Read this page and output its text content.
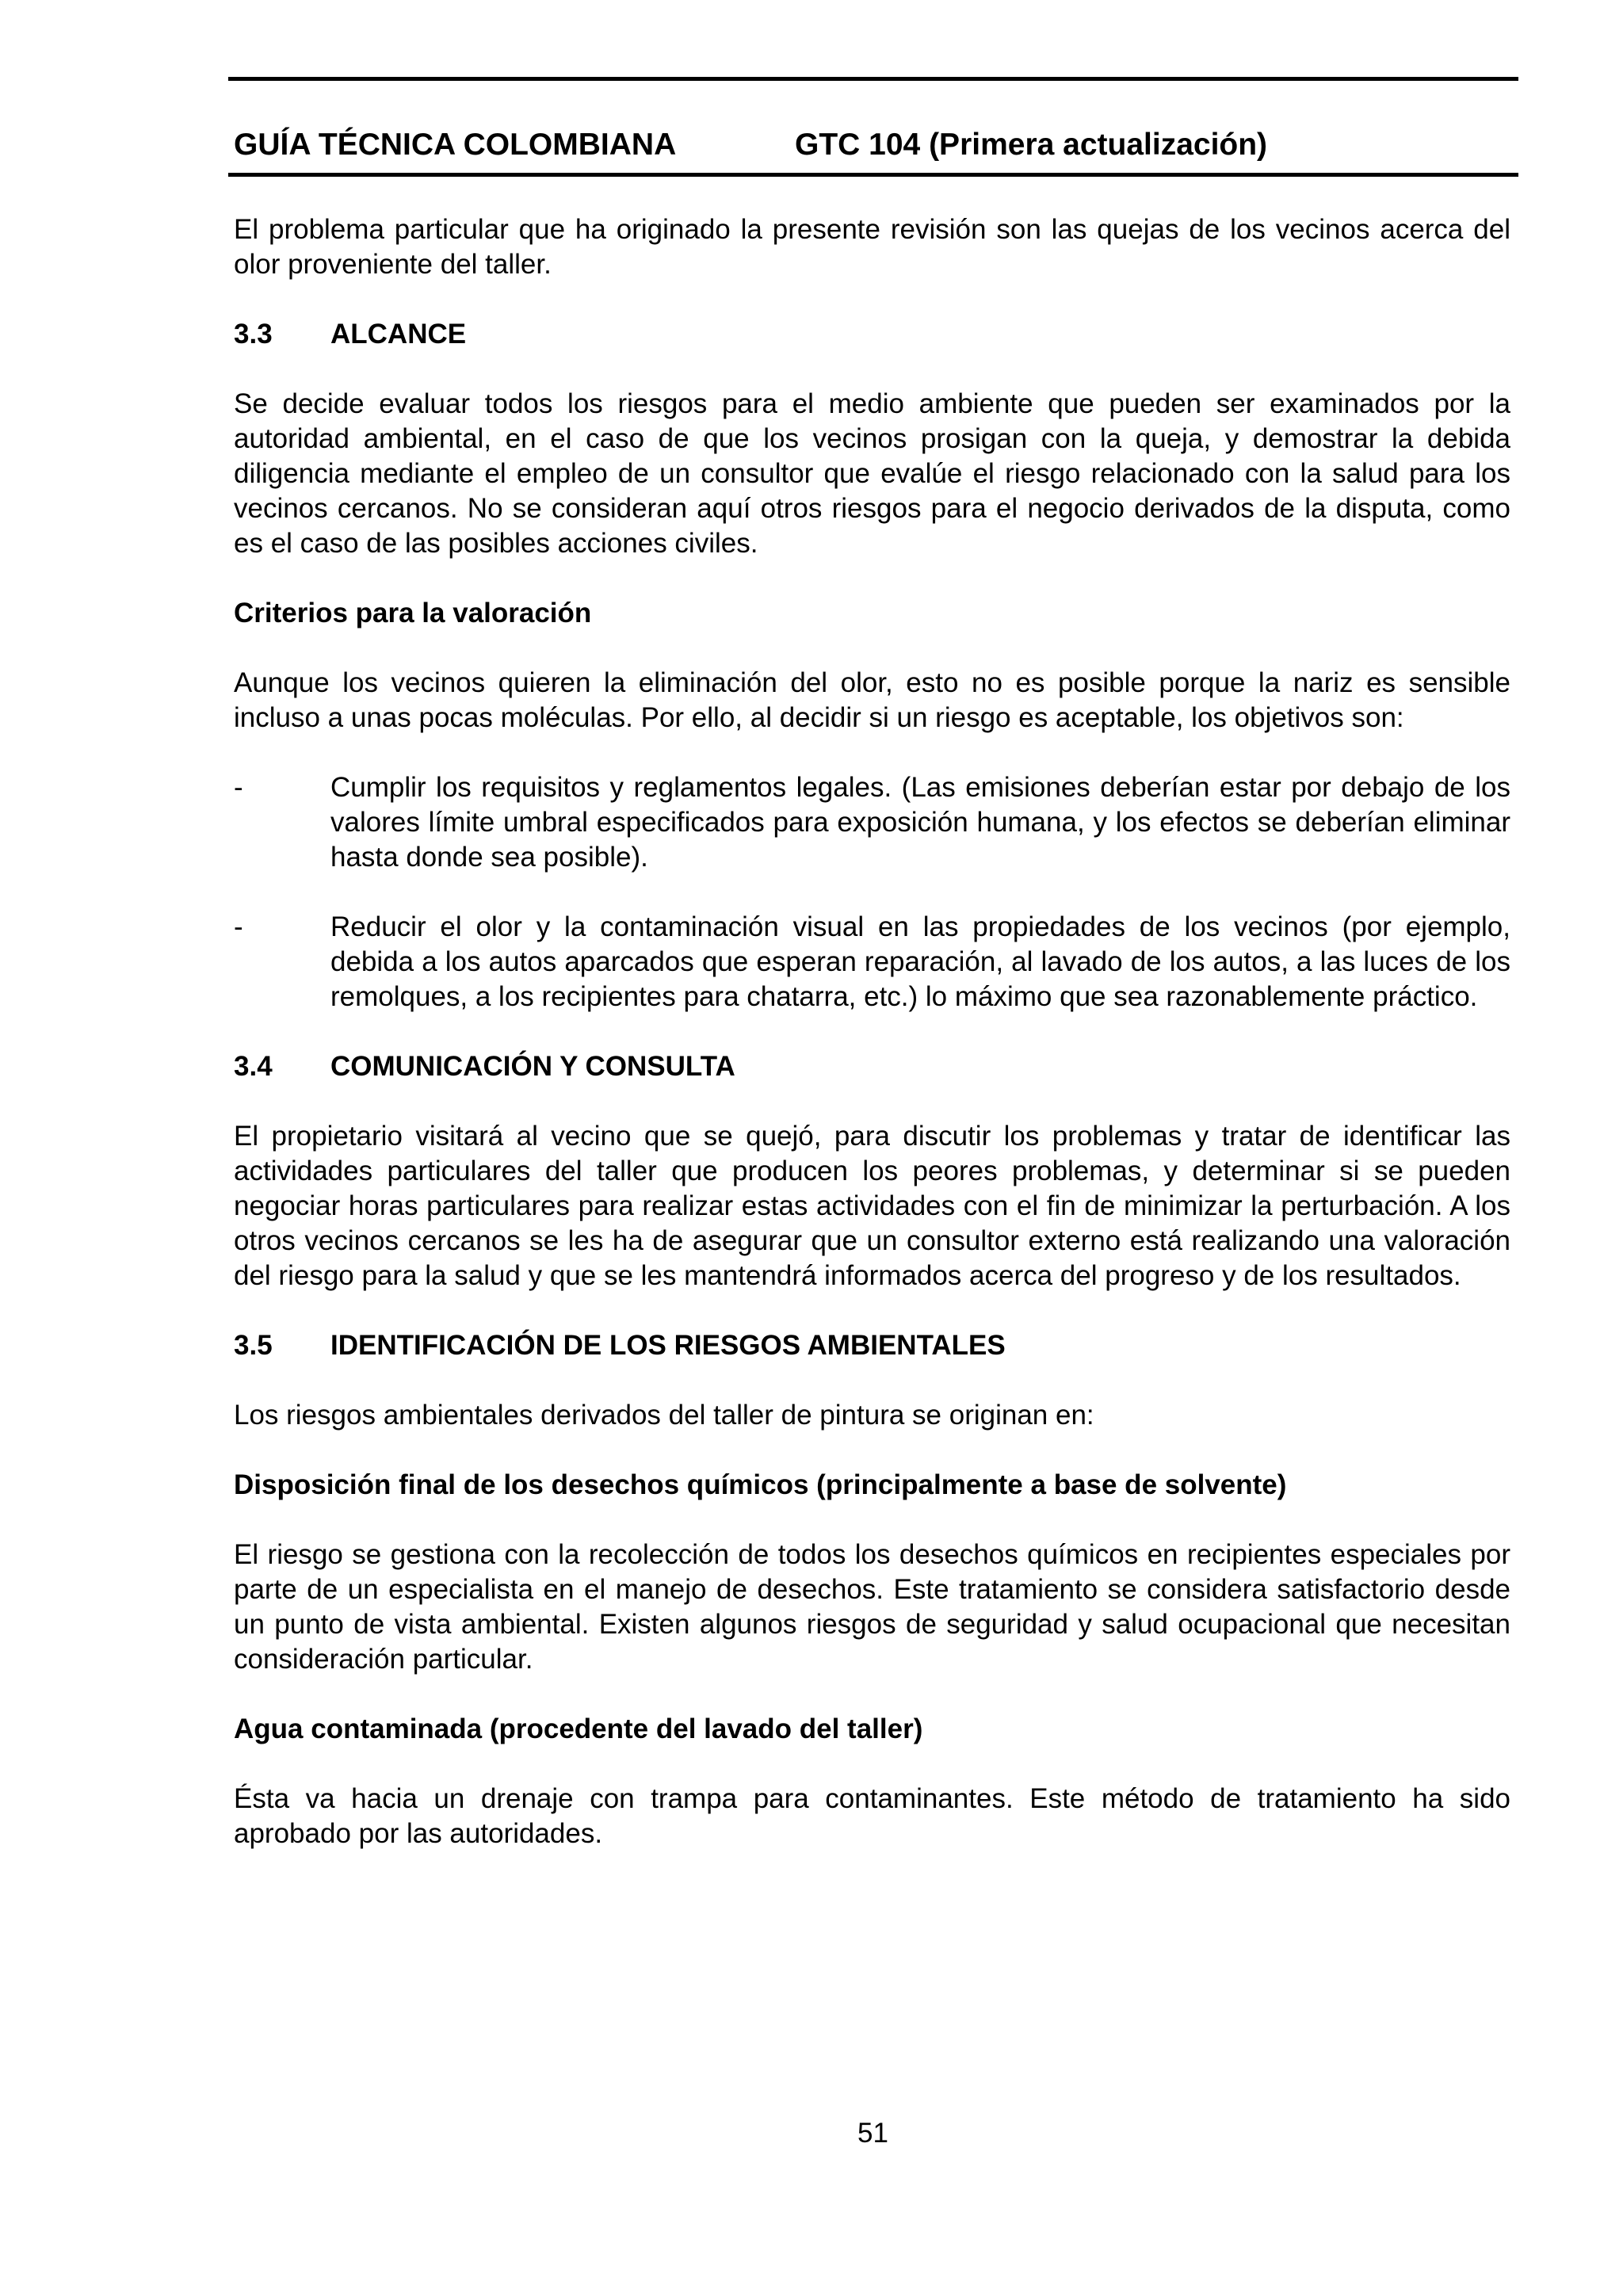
GUÍA TÉCNICA COLOMBIANA	GTC 104 (Primera actualización)

El problema particular que ha originado la presente revisión son las quejas de los vecinos acerca del olor proveniente del taller.

3.3	ALCANCE

Se decide evaluar todos los riesgos para el medio ambiente que pueden ser examinados por la autoridad ambiental, en el caso de que los vecinos prosigan con la queja, y demostrar la debida diligencia mediante el empleo de un consultor que evalúe el riesgo relacionado con la salud para los vecinos cercanos. No se consideran aquí otros riesgos para el negocio derivados de la disputa, como es el caso de las posibles acciones civiles.

Criterios para la valoración

Aunque los vecinos quieren la eliminación del olor, esto no es posible porque la nariz es sensible incluso a unas pocas moléculas. Por ello, al decidir si un riesgo es aceptable, los objetivos son:

-	Cumplir los requisitos y reglamentos legales. (Las emisiones deberían estar por debajo de los valores límite umbral especificados para exposición humana, y los efectos se deberían eliminar hasta donde sea posible).
-	Reducir el olor y la contaminación visual en las propiedades de los vecinos (por ejemplo, debida a los autos aparcados que esperan reparación, al lavado de los autos, a las luces de los remolques, a los recipientes para chatarra, etc.) lo máximo que sea razonablemente práctico.
3.4	COMUNICACIÓN Y CONSULTA

El propietario visitará al vecino que se quejó, para discutir los problemas y tratar de identificar las actividades particulares del taller que producen los peores problemas, y determinar si se pueden negociar horas particulares para realizar estas actividades con el fin de minimizar la perturbación. A los otros vecinos cercanos se les ha de asegurar que un consultor externo está realizando una valoración del riesgo para la salud y que se les mantendrá informados acerca del progreso y de los resultados.

3.5	IDENTIFICACIÓN DE LOS RIESGOS AMBIENTALES

Los riesgos ambientales derivados del taller de pintura se originan en:

Disposición final de los desechos químicos (principalmente a base de solvente)

El riesgo se gestiona con la recolección de todos los desechos químicos en recipientes especiales por parte de un especialista en el manejo de desechos. Este tratamiento se considera satisfactorio desde un punto de vista ambiental. Existen algunos riesgos de seguridad y salud ocupacional que necesitan consideración particular.

Agua contaminada (procedente del lavado del taller)

Ésta va hacia un drenaje con trampa para contaminantes. Este método de tratamiento ha sido aprobado por las autoridades.

51
